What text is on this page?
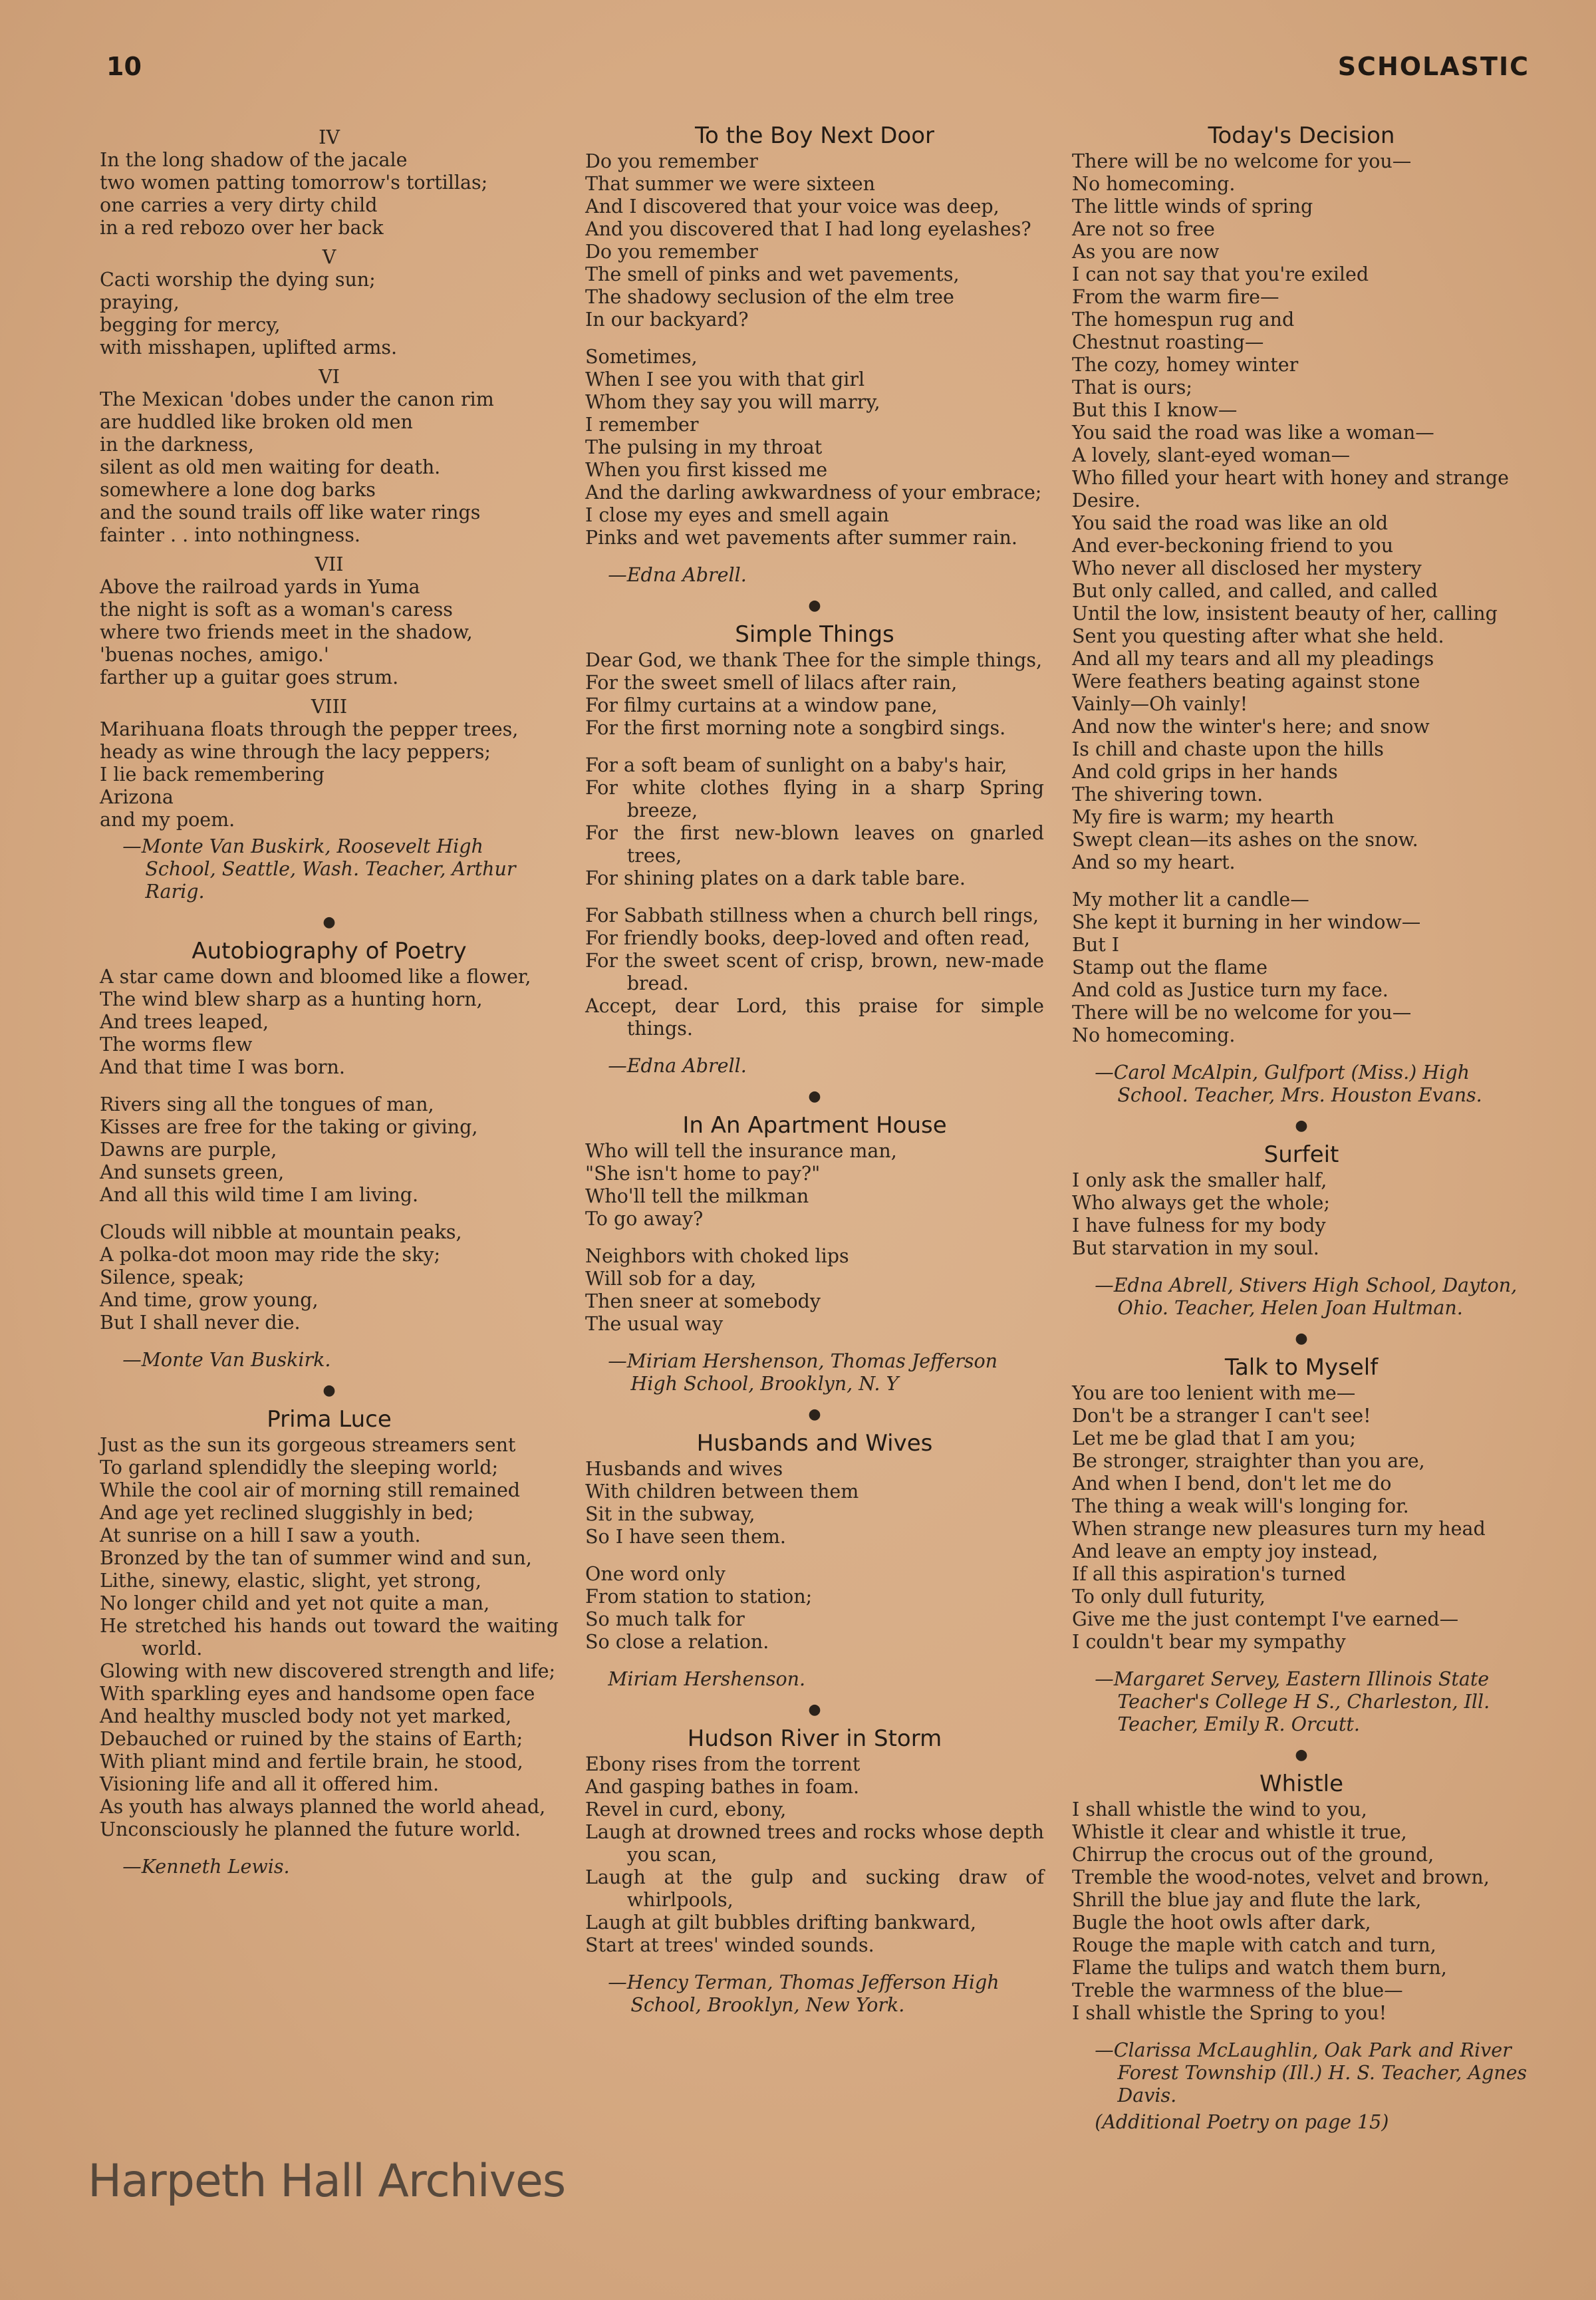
10	SCHOLASTIC
IV
In the long shadow of the jacale
two women patting tomorrow's tortillas;
one carries a very dirty child
in a red rebozo over her back
V
Cacti worship the dying sun;
praying,
begging for mercy,
with misshapen, uplifted arms.
VI
The Mexican 'dobes under the canon rim
are huddled like broken old men
in the darkness,
silent as old men waiting for death.
somewhere a lone dog barks
and the sound trails off like water rings
fainter . . into nothingness.
VII
Above the railroad yards in Yuma
the night is soft as a woman's caress
where two friends meet in the shadow,
'buenas noches, amigo.'
farther up a guitar goes strum.
VIII
Marihuana floats through the pepper trees,
heady as wine through the lacy peppers;
I lie back remembering
Arizona
and my poem.
—Monte Van Buskirk, Roosevelt High School, Seattle, Wash. Teacher, Arthur Rarig.
●
Autobiography of Poetry
A star came down and bloomed like a flower,
The wind blew sharp as a hunting horn,
And trees leaped,
The worms flew
And that time I was born.
Rivers sing all the tongues of man,
Kisses are free for the taking or giving,
Dawns are purple,
And sunsets green,
And all this wild time I am living.
Clouds will nibble at mountain peaks,
A polka-dot moon may ride the sky;
Silence, speak;
And time, grow young,
But I shall never die.
—Monte Van Buskirk.
●
Prima Luce
Just as the sun its gorgeous streamers sent
To garland splendidly the sleeping world;
While the cool air of morning still remained
And age yet reclined sluggishly in bed;
At sunrise on a hill I saw a youth.
Bronzed by the tan of summer wind and sun,
Lithe, sinewy, elastic, slight, yet strong,
No longer child and yet not quite a man,
He stretched his hands out toward the waiting world.
Glowing with new discovered strength and life;
With sparkling eyes and handsome open face
And healthy muscled body not yet marked,
Debauched or ruined by the stains of Earth;
With pliant mind and fertile brain, he stood,
Visioning life and all it offered him.
As youth has always planned the world ahead,
Unconsciously he planned the future world.
—Kenneth Lewis.
To the Boy Next Door
Do you remember
That summer we were sixteen
And I discovered that your voice was deep,
And you discovered that I had long eyelashes?
Do you remember
The smell of pinks and wet pavements,
The shadowy seclusion of the elm tree
In our backyard?
Sometimes,
When I see you with that girl
Whom they say you will marry,
I remember
The pulsing in my throat
When you first kissed me
And the darling awkwardness of your embrace;
I close my eyes and smell again
Pinks and wet pavements after summer rain.
—Edna Abrell.
●
Simple Things
Dear God, we thank Thee for the simple things,
For the sweet smell of lilacs after rain,
For filmy curtains at a window pane,
For the first morning note a songbird sings.
For a soft beam of sunlight on a baby's hair,
For white clothes flying in a sharp Spring breeze,
For the first new-blown leaves on gnarled trees,
For shining plates on a dark table bare.
For Sabbath stillness when a church bell rings,
For friendly books, deep-loved and often read,
For the sweet scent of crisp, brown, new-made bread.
Accept, dear Lord, this praise for simple things.
—Edna Abrell.
●
In An Apartment House
Who will tell the insurance man,
"She isn't home to pay?"
Who'll tell the milkman
To go away?
Neighbors with choked lips
Will sob for a day,
Then sneer at somebody
The usual way
—Miriam Hershenson, Thomas Jefferson High School, Brooklyn, N. Y
●
Husbands and Wives
Husbands and wives
With children between them
Sit in the subway,
So I have seen them.
One word only
From station to station;
So much talk for
So close a relation.
Miriam Hershenson.
●
Hudson River in Storm
Ebony rises from the torrent
And gasping bathes in foam.
Revel in curd, ebony,
Laugh at drowned trees and rocks whose depth you scan,
Laugh at the gulp and sucking draw of whirlpools,
Laugh at gilt bubbles drifting bankward,
Start at trees' winded sounds.
—Hency Terman, Thomas Jefferson High School, Brooklyn, New York.
Today's Decision
There will be no welcome for you—
No homecoming.
The little winds of spring
Are not so free
As you are now
I can not say that you're exiled
From the warm fire—
The homespun rug and
Chestnut roasting—
The cozy, homey winter
That is ours;
But this I know—
You said the road was like a woman—
A lovely, slant-eyed woman—
Who filled your heart with honey and strange
Desire.
You said the road was like an old
And ever-beckoning friend to you
Who never all disclosed her mystery
But only called, and called, and called
Until the low, insistent beauty of her, calling
Sent you questing after what she held.
And all my tears and all my pleadings
Were feathers beating against stone
Vainly—Oh vainly!
And now the winter's here; and snow
Is chill and chaste upon the hills
And cold grips in her hands
The shivering town.
My fire is warm; my hearth
Swept clean—its ashes on the snow.
And so my heart.
My mother lit a candle—
She kept it burning in her window—
But I
Stamp out the flame
And cold as Justice turn my face.
There will be no welcome for you—
No homecoming.
—Carol McAlpin, Gulfport (Miss.) High School. Teacher, Mrs. Houston Evans.
●
Surfeit
I only ask the smaller half,
Who always get the whole;
I have fulness for my body
But starvation in my soul.
—Edna Abrell, Stivers High School, Dayton, Ohio. Teacher, Helen Joan Hultman.
●
Talk to Myself
You are too lenient with me—
Don't be a stranger I can't see!
Let me be glad that I am you;
Be stronger, straighter than you are,
And when I bend, don't let me do
The thing a weak will's longing for.
When strange new pleasures turn my head
And leave an empty joy instead,
If all this aspiration's turned
To only dull futurity,
Give me the just contempt I've earned—
I couldn't bear my sympathy
—Margaret Servey, Eastern Illinois State Teacher's College H S., Charleston, Ill. Teacher, Emily R. Orcutt.
●
Whistle
I shall whistle the wind to you,
Whistle it clear and whistle it true,
Chirrup the crocus out of the ground,
Tremble the wood-notes, velvet and brown,
Shrill the blue jay and flute the lark,
Bugle the hoot owls after dark,
Rouge the maple with catch and turn,
Flame the tulips and watch them burn,
Treble the warmness of the blue—
I shall whistle the Spring to you!
—Clarissa McLaughlin, Oak Park and River Forest Township (Ill.) H. S. Teacher, Agnes Davis.
(Additional Poetry on page 15)
Harpeth Hall Archives
